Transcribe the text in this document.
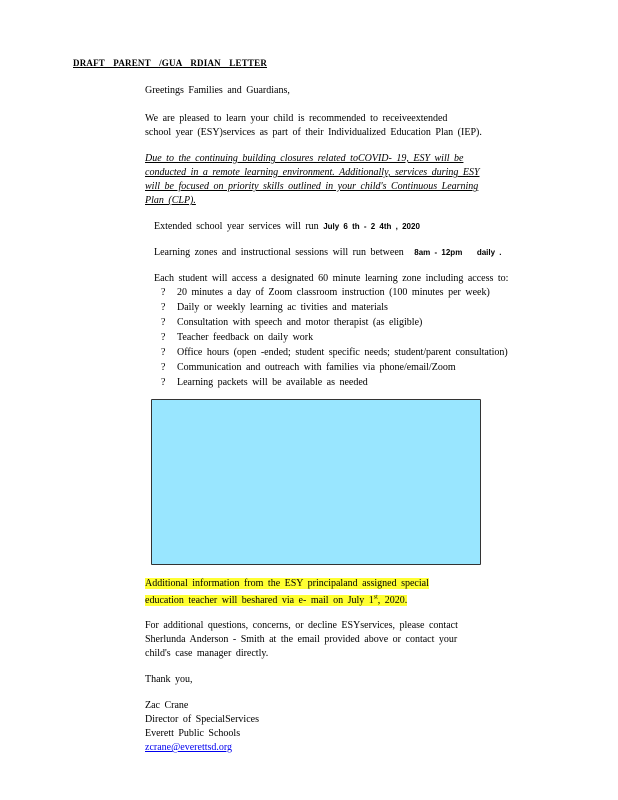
DRAFT PARENT /GUA RDIAN LETTER
Greetings Families and Guardians,
We are pleased to learn your child is recommended to receiveextended
school year (ESY)services as part of their Individualized Education Plan (IEP).
Due to the continuing building closures related toCOVID- 19, ESY will be
conducted in a remote learning environment. Additionally, services during ESY
will be focused on priority skills outlined in your child's Continuous Learning
Plan (CLP).
Extended school year services will run July 6 th - 2 4th , 2020
Learning zones and instructional sessions will run between 8am - 12pm daily .
Each student will access a designated 60 minute learning zone including access to:
? 20 minutes a day of Zoom classroom instruction (100 minutes per week)
? Daily or weekly learning ac tivities and materials
? Consultation with speech and motor therapist (as eligible)
? Teacher feedback on daily work
? Office hours (open -ended; student specific needs; student/parent consultation)
? Communication and outreach with families via phone/email/Zoom
? Learning packets will be available as needed
Additional information from the ESY principaland assigned special
education teacher will beshared via e- mail on July 1st, 2020.
For additional questions, concerns, or decline ESYservices, please contact
Sherlunda Anderson - Smith at the email provided above or contact your
child's case manager directly.
Thank you,
Zac Crane
Director of SpecialServices
Everett Public Schools
zcrane@everettsd.org
